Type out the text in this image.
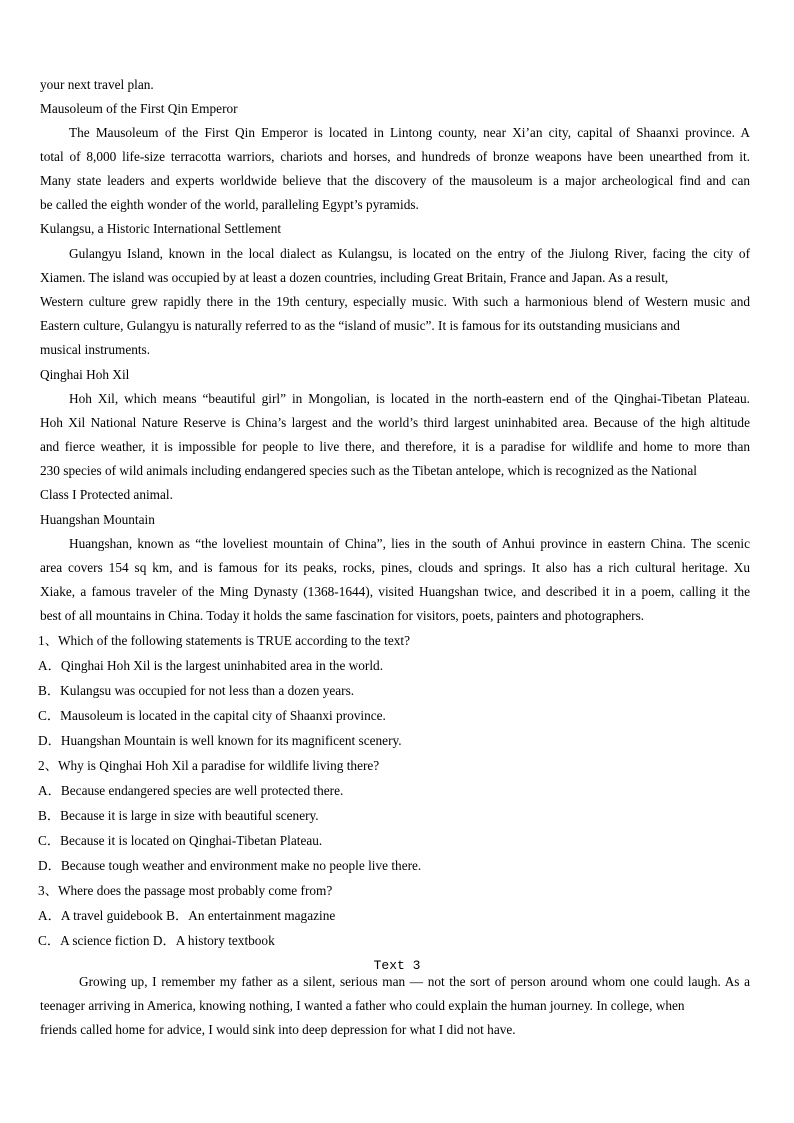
your next travel plan.
Mausoleum of the First Qin Emperor
The Mausoleum of the First Qin Emperor is located in Lintong county, near Xi’an city, capital of Shaanxi province. A
total of 8,000 life-size terracotta warriors, chariots and horses, and hundreds of bronze weapons have been unearthed from it.
Many state leaders and experts worldwide believe that the discovery of the mausoleum is a major archeological find and can
be called the eighth wonder of the world, paralleling Egypt’s pyramids.
Kulangsu, a Historic International Settlement
Gulangyu Island, known in the local dialect as Kulangsu, is located on the entry of the Jiulong River, facing the city of
Xiamen. The island was occupied by at least a dozen countries, including Great Britain, France and Japan. As a result,
Western culture grew rapidly there in the 19th century, especially music. With such a harmonious blend of Western music and
Eastern culture, Gulangyu is naturally referred to as the “island of music”. It is famous for its outstanding musicians and
musical instruments.
Qinghai Hoh Xil
Hoh Xil, which means “beautiful girl” in Mongolian, is located in the north-eastern end of the Qinghai-Tibetan Plateau.
Hoh Xil National Nature Reserve is China’s largest and the world’s third largest uninhabited area. Because of the high altitude
and fierce weather, it is impossible for people to live there, and therefore, it is a paradise for wildlife and home to more than
230 species of wild animals including endangered species such as the Tibetan antelope, which is recognized as the National
Class I Protected animal.
Huangshan Mountain
Huangshan, known as “the loveliest mountain of China”, lies in the south of Anhui province in eastern China. The scenic
area covers 154 sq km, and is famous for its peaks, rocks, pines, clouds and springs. It also has a rich cultural heritage. Xu
Xiake, a famous traveler of the Ming Dynasty (1368-1644), visited Huangshan twice, and described it in a poem, calling it the
best of all mountains in China. Today it holds the same fascination for visitors, poets, painters and photographers.
1、Which of the following statements is TRUE according to the text?
A．Qinghai Hoh Xil is the largest uninhabited area in the world.
B．Kulangsu was occupied for not less than a dozen years.
C．Mausoleum is located in the capital city of Shaanxi province.
D．Huangshan Mountain is well known for its magnificent scenery.
2、Why is Qinghai Hoh Xil a paradise for wildlife living there?
A．Because endangered species are well protected there.
B．Because it is large in size with beautiful scenery.
C．Because it is located on Qinghai-Tibetan Plateau.
D．Because tough weather and environment make no people live there.
3、Where does the passage most probably come from?
A．A travel guidebook B．An entertainment magazine
C．A science fiction D．A history textbook
Text 3
Growing up, I remember my father as a silent, serious man — not the sort of person around whom one could laugh. As a
teenager arriving in America, knowing nothing, I wanted a father who could explain the human journey. In college, when
friends called home for advice, I would sink into deep depression for what I did not have.
